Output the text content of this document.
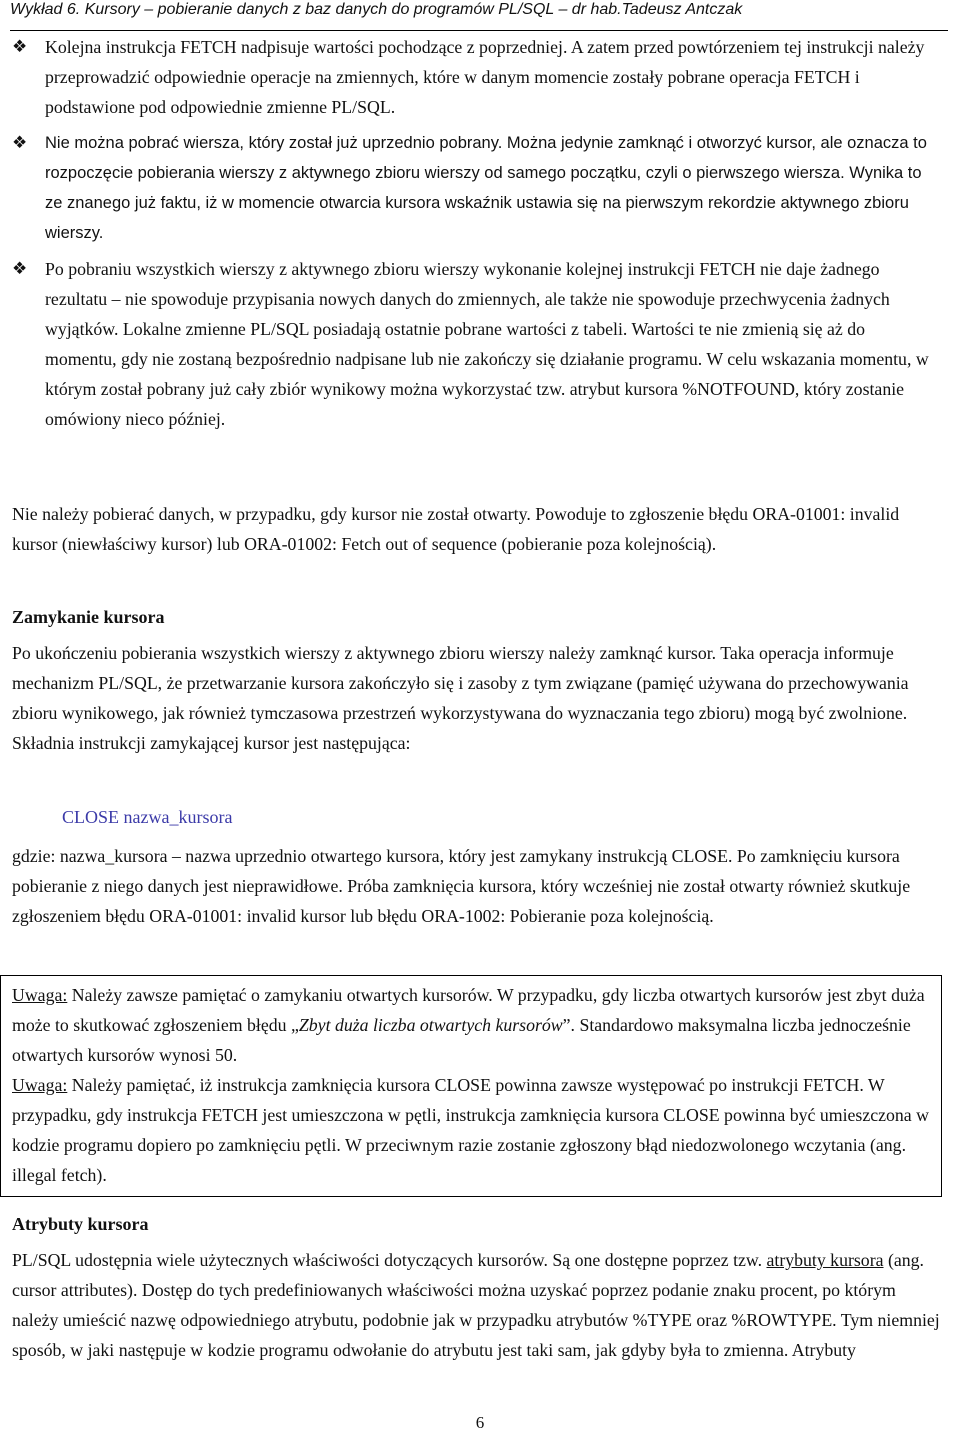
Wykład 6. Kursory – pobieranie danych z baz danych do programów PL/SQL – dr hab.Tadeusz Antczak
❖ Kolejna instrukcja FETCH nadpisuje wartości pochodzące z poprzedniej. A zatem przed powtórzeniem tej instrukcji należy przeprowadzić odpowiednie operacje na zmiennych, które w danym momencie zostały pobrane operacja FETCH i podstawione pod odpowiednie zmienne PL/SQL.
❖ Nie można pobrać wiersza, który został już uprzednio pobrany. Można jedynie zamknąć i otworzyć kursor, ale oznacza to rozpoczęcie pobierania wierszy z aktywnego zbioru wierszy od samego początku, czyli o pierwszego wiersza. Wynika to ze znanego już faktu, iż w momencie otwarcia kursora wskaźnik ustawia się na pierwszym rekordzie aktywnego zbioru wierszy.
❖ Po pobraniu wszystkich wierszy z aktywnego zbioru wierszy wykonanie kolejnej instrukcji FETCH nie daje żadnego rezultatu – nie spowoduje przypisania nowych danych do zmiennych, ale także nie spowoduje przechwycenia żadnych wyjątków. Lokalne zmienne PL/SQL posiadają ostatnie pobrane wartości z tabeli. Wartości te nie zmienią się aż do momentu, gdy nie zostaną bezpośrednio nadpisane lub nie zakończy się działanie programu. W celu wskazania momentu, w którym został pobrany już cały zbiór wynikowy można wykorzystać tzw. atrybut kursora %NOTFOUND, który zostanie omówiony nieco później.

Nie należy pobierać danych, w przypadku, gdy kursor nie został otwarty. Powoduje to zgłoszenie błędu ORA-01001: invalid kursor (niewłaściwy kursor) lub ORA-01002: Fetch out of sequence (pobieranie poza kolejnością).

Zamykanie kursora

Po ukończeniu pobierania wszystkich wierszy z aktywnego zbioru wierszy należy zamknąć kursor. Taka operacja informuje mechanizm PL/SQL, że przetwarzanie kursora zakończyło się i zasoby z tym związane (pamięć używana do przechowywania zbioru wynikowego, jak również tymczasowa przestrzeń wykorzystywana do wyznaczania tego zbioru) mogą być zwolnione. Składnia instrukcji zamykającej kursor jest następująca:

CLOSE nazwa_kursora

gdzie: nazwa_kursora – nazwa uprzednio otwartego kursora, który jest zamykany instrukcją CLOSE. Po zamknięciu kursora pobieranie z niego danych jest nieprawidłowe. Próba zamknięcia kursora, który wcześniej nie został otwarty również skutkuje zgłoszeniem błędu ORA-01001: invalid kursor lub błędu ORA-1002: Pobieranie poza kolejnością.

Uwaga: Należy zawsze pamiętać o zamykaniu otwartych kursorów. W przypadku, gdy liczba otwartych kursorów jest zbyt duża może to skutkować zgłoszeniem błędu „Zbyt duża liczba otwartych kursorów”. Standardowo maksymalna liczba jednocześnie otwartych kursorów wynosi 50.

Uwaga: Należy pamiętać, iż instrukcja zamknięcia kursora CLOSE powinna zawsze występować po instrukcji FETCH. W przypadku, gdy instrukcja FETCH jest umieszczona w pętli, instrukcja zamknięcia kursora CLOSE powinna być umieszczona w kodzie programu dopiero po zamknięciu pętli. W przeciwnym razie zostanie zgłoszony błąd niedozwolonego wczytania (ang. illegal fetch).

Atrybuty kursora

PL/SQL udostępnia wiele użytecznych właściwości dotyczących kursorów. Są one dostępne poprzez tzw. atrybuty kursora (ang. cursor attributes). Dostęp do tych predefiniowanych właściwości można uzyskać poprzez podanie znaku procent, po którym należy umieścić nazwę odpowiedniego atrybutu, podobnie jak w przypadku atrybutów %TYPE oraz %ROWTYPE. Tym niemniej sposób, w jaki następuje w kodzie programu odwołanie do atrybutu jest taki sam, jak gdyby była to zmienna. Atrybuty

6
